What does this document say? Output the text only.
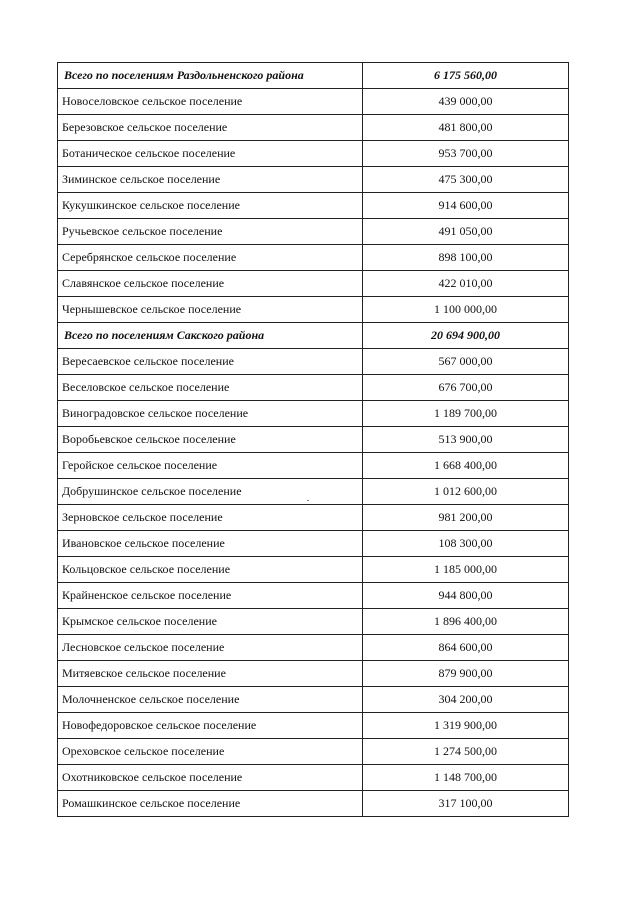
Всего по поселениям Раздольненского района	6 175 560,00
Новоселовское сельское поселение	439 000,00
Березовское сельское поселение	481 800,00
Ботаническое сельское поселение	953 700,00
Зиминское сельское поселение	475 300,00
Кукушкинское сельское поселение	914 600,00
Ручьевское сельское поселение	491 050,00
Серебрянское сельское поселение	898 100,00
Славянское сельское поселение	422 010,00
Чернышевское сельское поселение	1 100 000,00
Всего по поселениям Сакского района	20 694 900,00
Вересаевское сельское поселение	567 000,00
Веселовское сельское поселение	676 700,00
Виноградовское сельское поселение	1 189 700,00
Воробьевское сельское поселение	513 900,00
Геройское сельское поселение	1 668 400,00
Добрушинское сельское поселение	1 012 600,00
Зерновское сельское поселение	981 200,00
Ивановское сельское поселение	108 300,00
Кольцовское сельское поселение	1 185 000,00
Крайненское сельское поселение	944 800,00
Крымское сельское поселение	1 896 400,00
Лесновское сельское поселение	864 600,00
Митяевское сельское поселение	879 900,00
Молочненское сельское поселение	304 200,00
Новофедоровское сельское поселение	1 319 900,00
Ореховское сельское поселение	1 274 500,00
Охотниковское сельское поселение	1 148 700,00
Ромашкинское сельское поселение	317 100,00
